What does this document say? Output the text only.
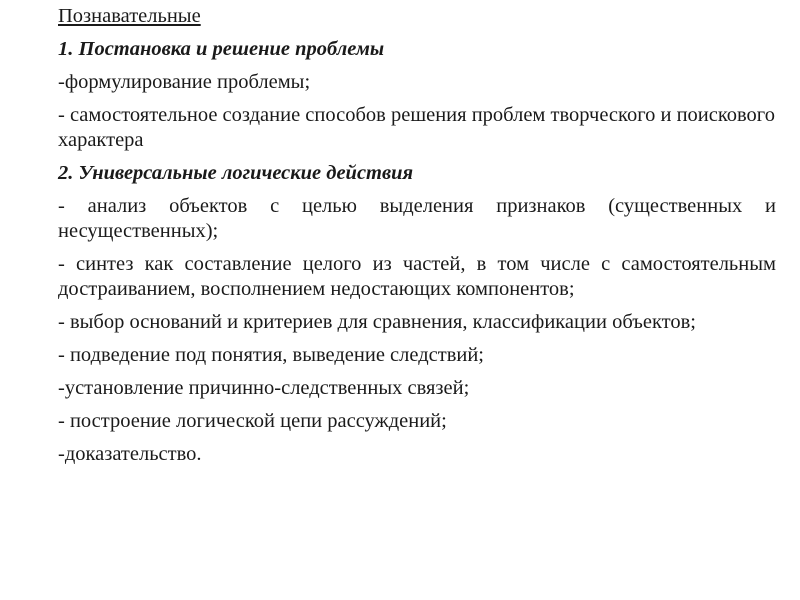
Познавательные

1. Постановка и решение проблемы

-формулирование проблемы;

- самостоятельное создание способов решения проблем творческого и поискового характера

2. Универсальные логические действия

- анализ объектов с целью выделения признаков (существенных и несущественных);

- синтез как составление целого из частей, в том числе с самостоятельным достраиванием, восполнением недостающих компонентов;

- выбор оснований и критериев для сравнения, классификации объектов;

- подведение под понятия, выведение следствий;

-установление причинно-следственных связей;

- построение логической цепи рассуждений;

-доказательство.
